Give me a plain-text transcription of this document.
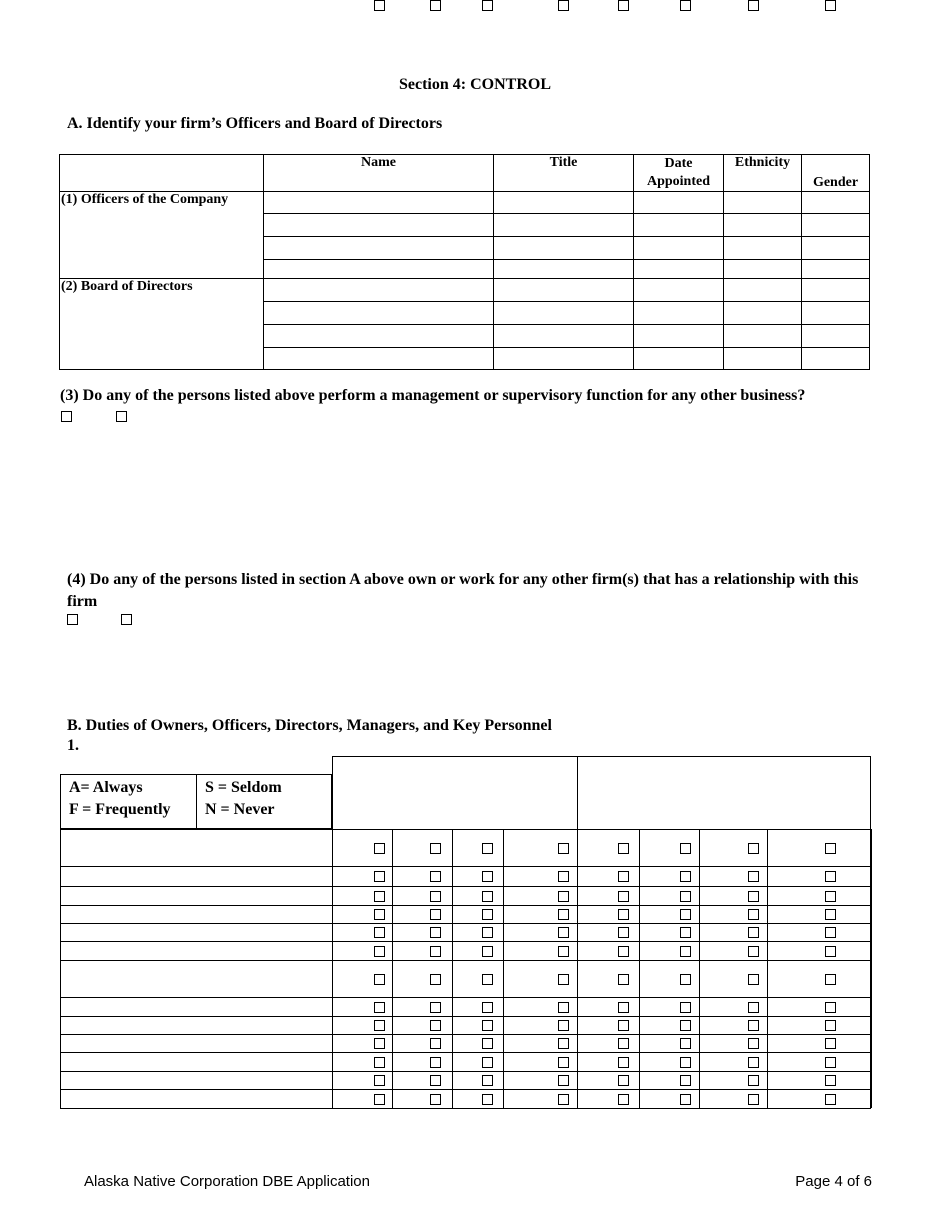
Section 4: CONTROL
A. Identify your firm’s Officers and Board of Directors
	Name	Title	Date Appointed	Ethnicity	Gender
(1) Officers of the Company					

(2) Board of Directors					

(3) Do any of the persons listed above perform a management or supervisory function for any other business?
(4) Do any of the persons listed in section A above own or work for any other firm(s) that has a relationship with this firm
B. Duties of Owners, Officers, Directors, Managers, and Key Personnel
1.
A= Always
F = Frequently
S = Seldom
N = Never
Alaska Native Corporation DBE Application	Page 4 of 6
